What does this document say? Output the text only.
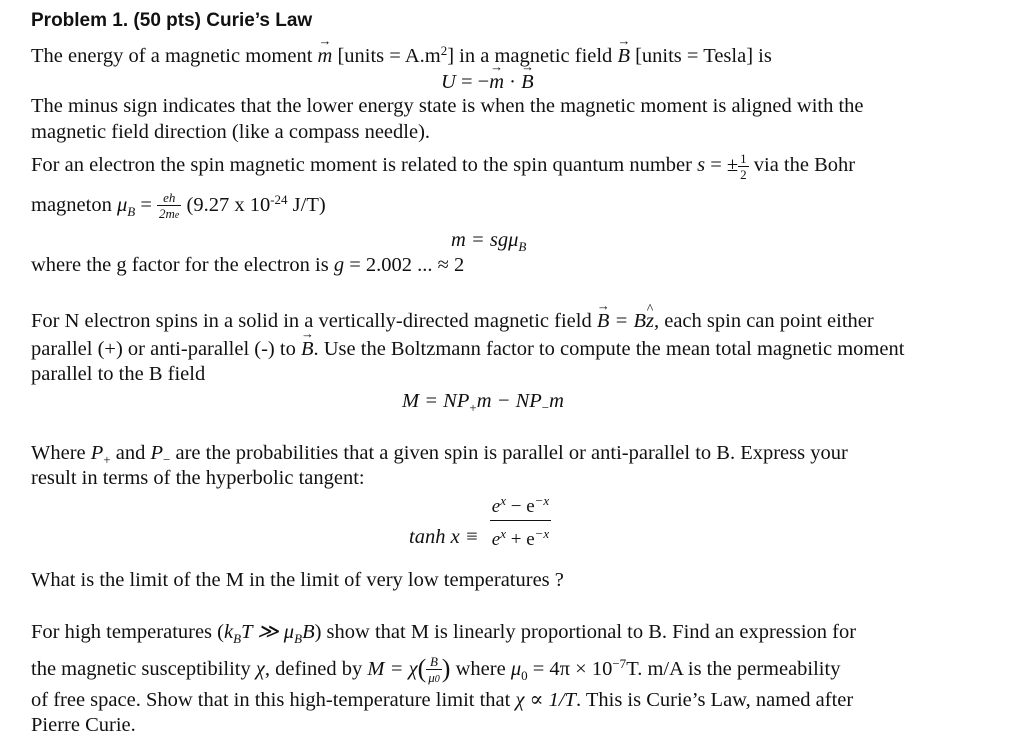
Problem 1. (50 pts) Curie’s Law
The energy of a magnetic moment → m [units = $A.m^2$] in a magnetic field → B [units = Tesla] is
U = −→ m · → B
The minus sign indicates that the lower energy state is when the magnetic moment is aligned with the
magnetic field direction (like a compass needle).
For an electron the spin magnetic moment is related to the spin quantum number s = ± $\frac{1}{2}$ via the Bohr
magneton $\mu_B = \frac{eh}{2me} (9.27$ x $10^{-24}$ J/T)
m = sgμ$_B$
where the g factor for the electron is g = 2.002 ... ≈ 2
For N electron spins in a solid in a vertically-directed magnetic field → B = B^ z, each spin can point either
parallel (+) or anti-parallel (-) to → B. Use the Boltzmann factor to compute the mean total magnetic moment
parallel to the B field
$M = NP_+m - NP_-m$
Where $P_+$ and $P_-$ are the probabilities that a given spin is parallel or anti-parallel to B. Express your
result in terms of the hyperbolic tangent:
$\tanh x \equiv \frac{e^x - e^{-x}}{e^x + e^{-x}}$
What is the limit of the M in the limit of very low temperatures ?
For high temperatures ($k_BT$ ≫ $\mu_BB$) show that M is linearly proportional to B. Find an expression for
the magnetic susceptibility χ, defined by $M = \chi( \frac{B}{\mu 0}$ ) where $\mu_0 = 4\pi \times 10^{-7}T$. m/A is the permeability
of free space. Show that in this high-temperature limit that χ ∝ 1/T. This is Curie’s Law, named after
Pierre Curie.
